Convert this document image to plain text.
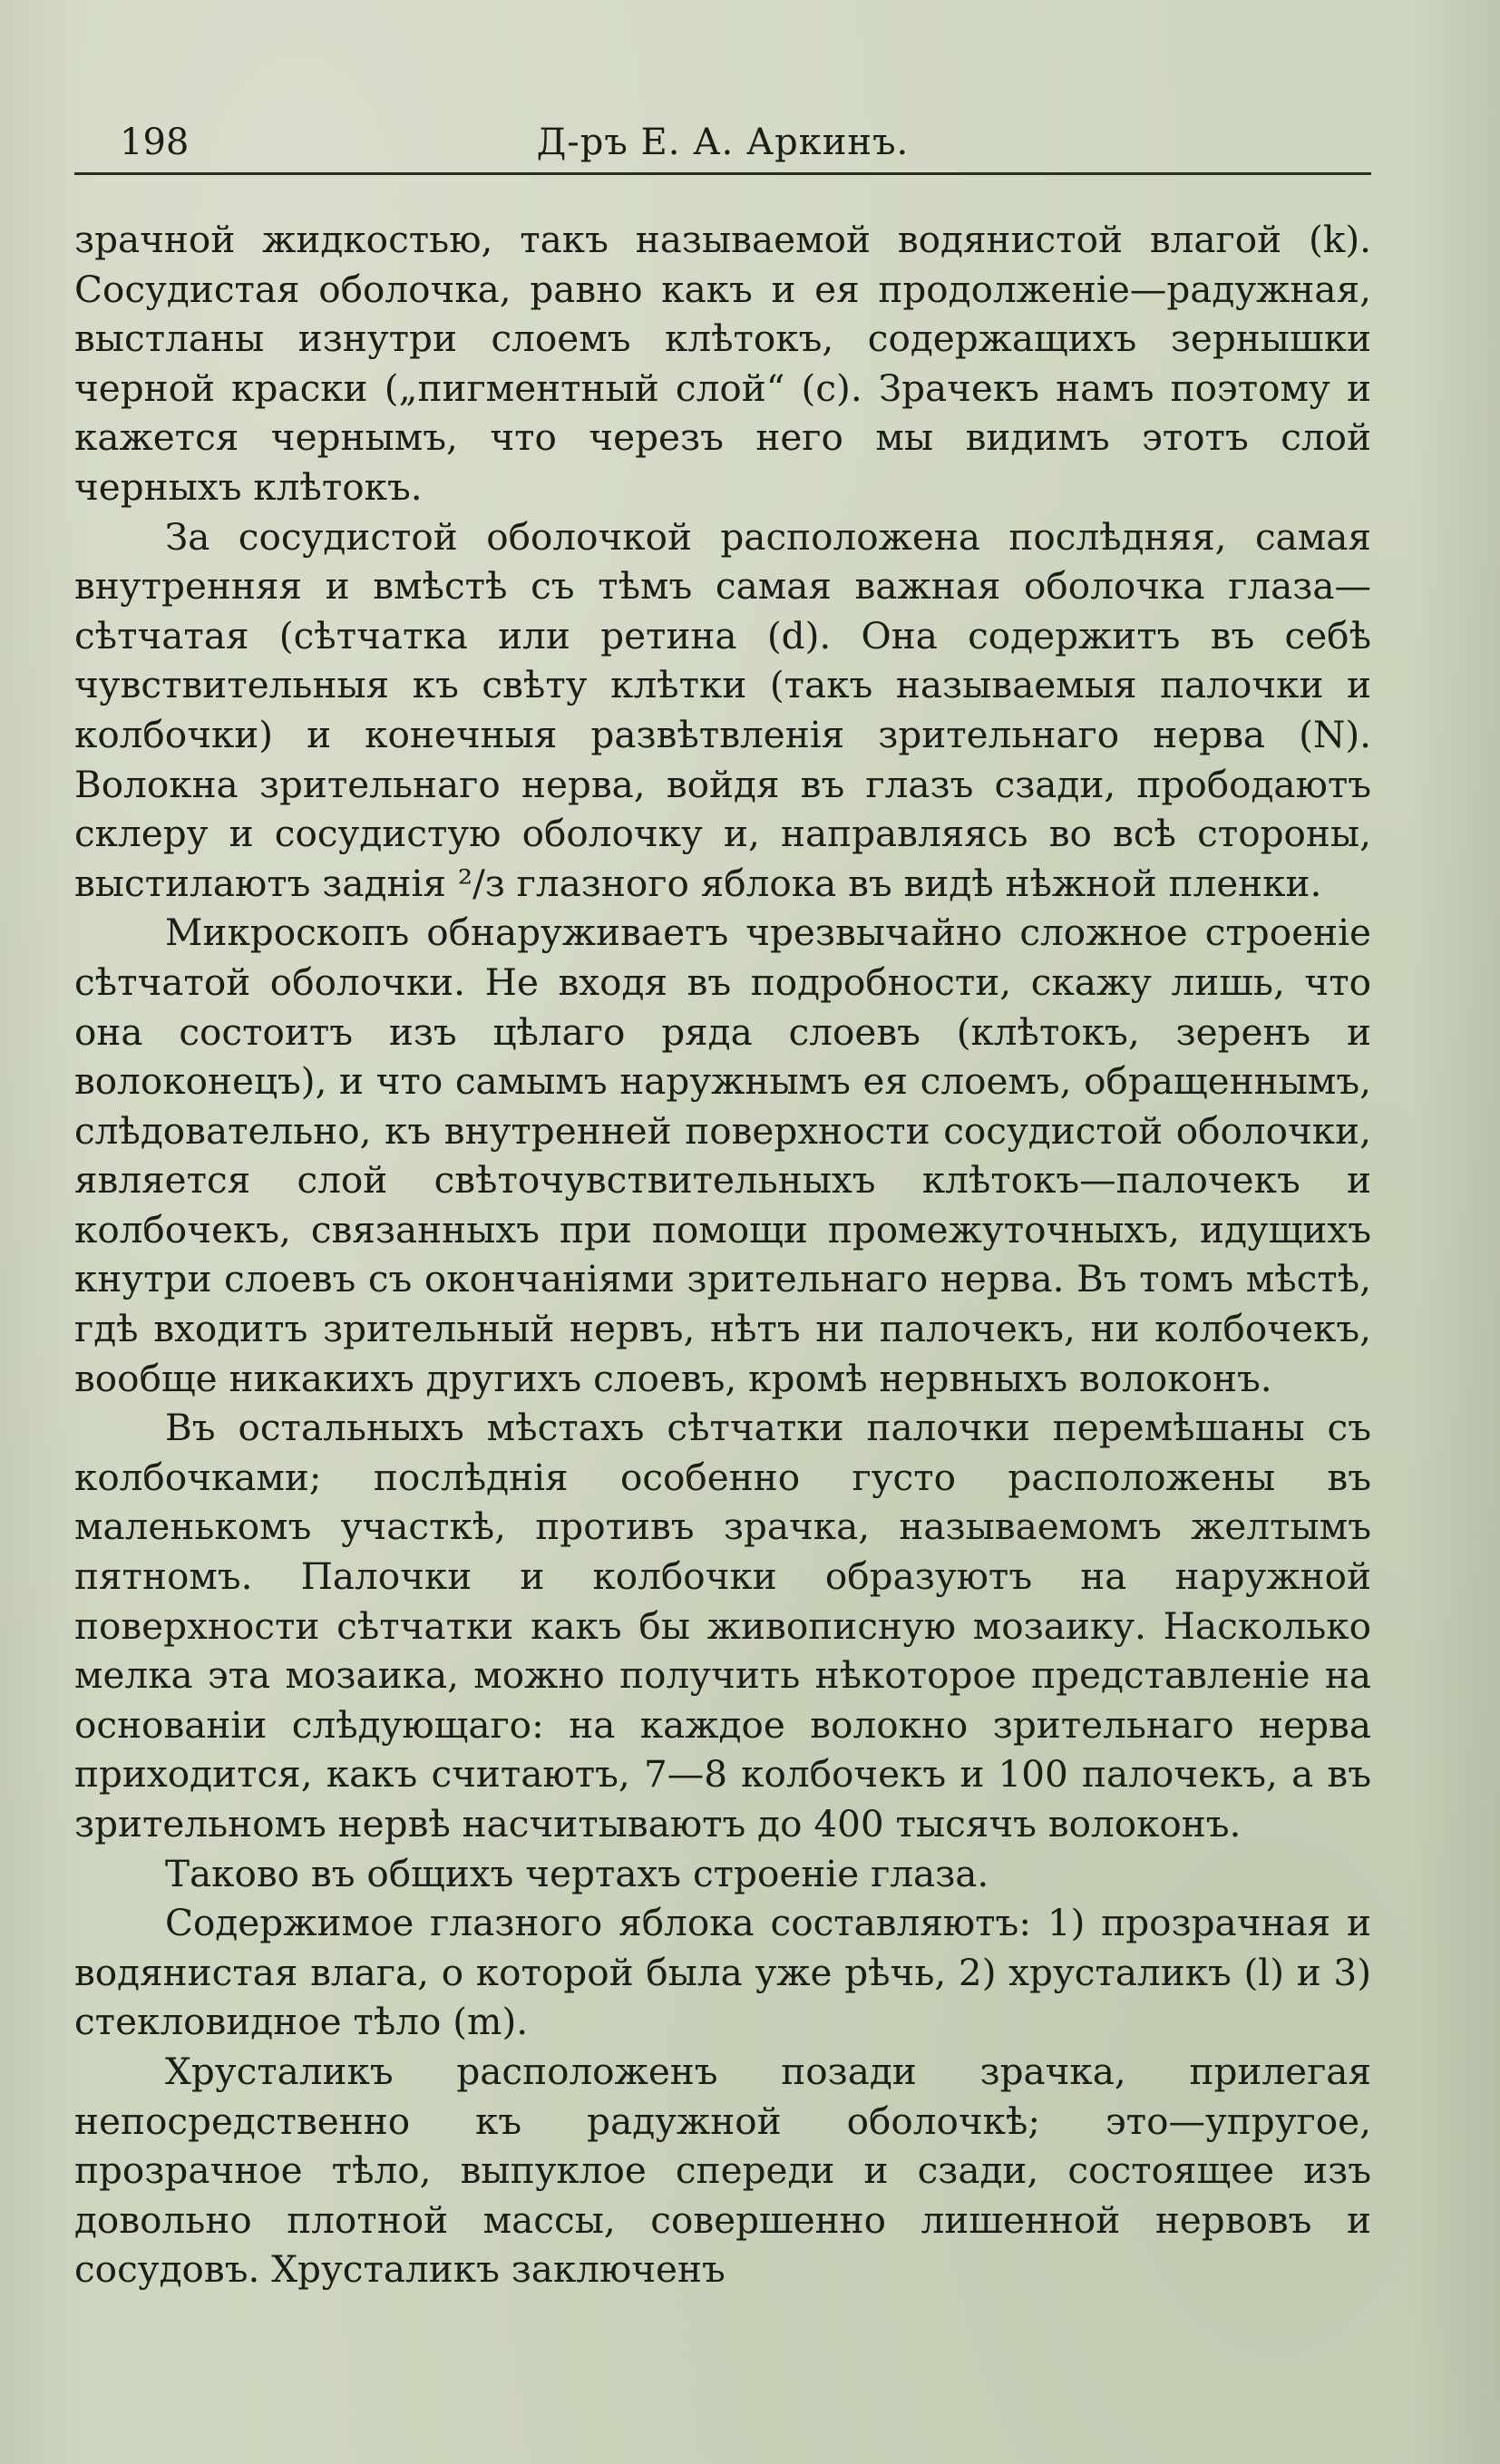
198	Д-ръ Е. А. Аркинъ.

зрачной жидкостью, такъ называемой водянистой влагой (k). Сосудистая оболочка, равно какъ и ея продолженіе—радужная, выстланы изнутри слоемъ клѣтокъ, содержащихъ зернышки черной краски („пигментный слой“ (c). Зрачекъ намъ поэтому и кажется чернымъ, что черезъ него мы видимъ этотъ слой черныхъ клѣтокъ.

За сосудистой оболочкой расположена послѣдняя, самая внутренняя и вмѣстѣ съ тѣмъ самая важная оболочка глаза—сѣтчатая (сѣтчатка или ретина (d). Она содержитъ въ себѣ чувствительныя къ свѣту клѣтки (такъ называемыя палочки и колбочки) и конечныя развѣтвленія зрительнаго нерва (N). Волокна зрительнаго нерва, войдя въ глазъ сзади, прободаютъ склеру и сосудистую оболочку и, направляясь во всѣ стороны, выстилаютъ заднія ²/з глазного яблока въ видѣ нѣжной пленки.

Микроскопъ обнаруживаетъ чрезвычайно сложное строеніе сѣтчатой оболочки. Не входя въ подробности, скажу лишь, что она состоитъ изъ цѣлаго ряда слоевъ (клѣтокъ, зеренъ и волоконецъ), и что самымъ наружнымъ ея слоемъ, обращеннымъ, слѣдовательно, къ внутренней поверхности сосудистой оболочки, является слой свѣточувствительныхъ клѣтокъ—палочекъ и колбочекъ, связанныхъ при помощи промежуточныхъ, идущихъ кнутри слоевъ съ окончаніями зрительнаго нерва. Въ томъ мѣстѣ, гдѣ входитъ зрительный нервъ, нѣтъ ни палочекъ, ни колбочекъ, вообще никакихъ другихъ слоевъ, кромѣ нервныхъ волоконъ.

Въ остальныхъ мѣстахъ сѣтчатки палочки перемѣшаны съ колбочками; послѣднія особенно густо расположены въ маленькомъ участкѣ, противъ зрачка, называемомъ желтымъ пятномъ. Палочки и колбочки образуютъ на наружной поверхности сѣтчатки какъ бы живописную мозаику. Насколько мелка эта мозаика, можно получить нѣкоторое представленіе на основаніи слѣдующаго: на каждое волокно зрительнаго нерва приходится, какъ считаютъ, 7—8 колбочекъ и 100 палочекъ, а въ зрительномъ нервѣ насчитываютъ до 400 тысячъ волоконъ.

Таково въ общихъ чертахъ строеніе глаза.

Содержимое глазного яблока составляютъ: 1) прозрачная и водянистая влага, о которой была уже рѣчь, 2) хрусталикъ (l) и 3) стекловидное тѣло (m).

Хрусталикъ расположенъ позади зрачка, прилегая непосредственно къ радужной оболочкѣ; это—упругое, прозрачное тѣло, выпуклое спереди и сзади, состоящее изъ довольно плотной массы, совершенно лишенной нервовъ и сосудовъ. Хрусталикъ заключенъ
